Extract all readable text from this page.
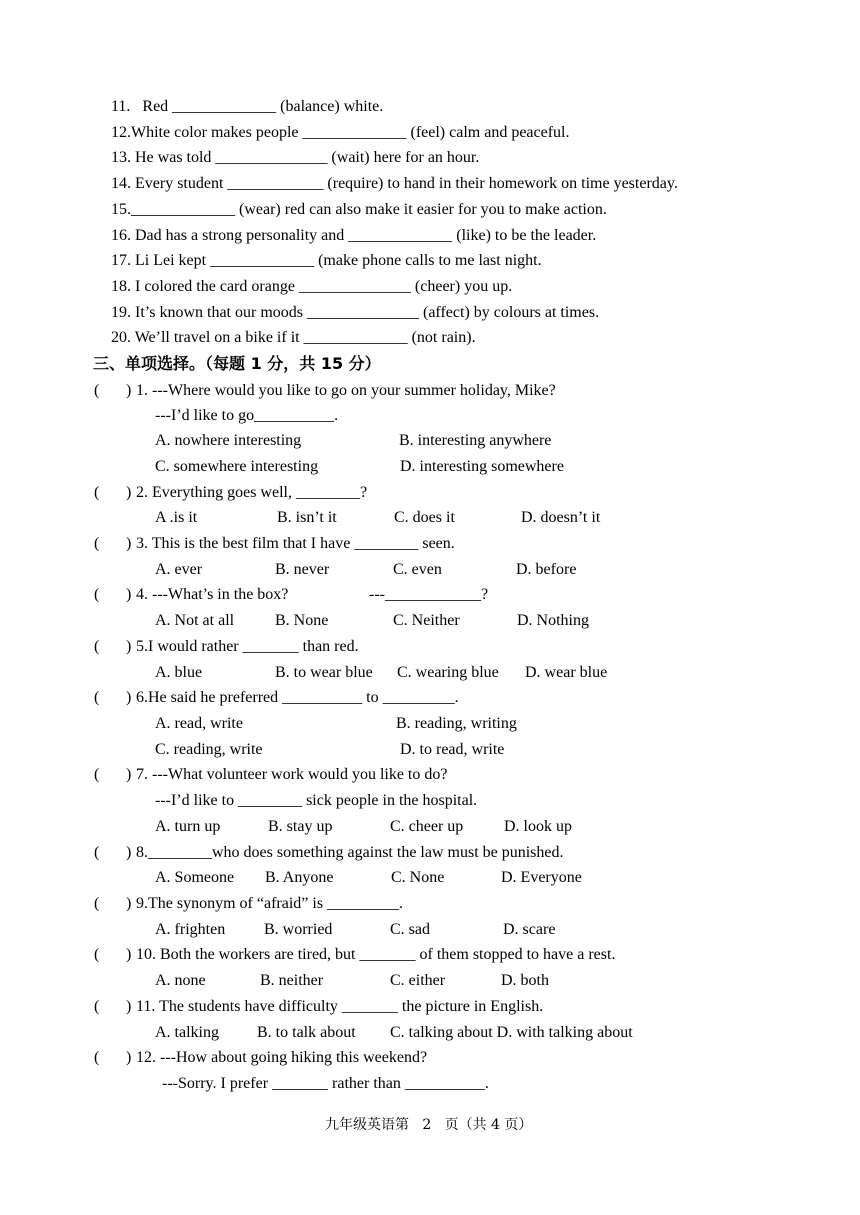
11.   Red _____________ (balance) white.
12.White color makes people _____________ (feel) calm and peaceful.
13. He was told ______________ (wait) here for an hour.
14. Every student ____________ (require) to hand in their homework on time yesterday.
15._____________ (wear) red can also make it easier for you to make action.
16. Dad has a strong personality and _____________ (like) to be the leader.
17. Li Lei kept _____________ (make phone calls to me last night.
18. I colored the card orange ______________ (cheer) you up.
19. It’s known that our moods ______________ (affect) by colours at times.
20. We’ll travel on a bike if it _____________ (not rain).
三、单项选择。（每题 1 分，共 15 分）
( ) 1. ---Where would you like to go on your summer holiday, Mike?
---I’d like to go__________.
A. nowhere interesting	B. interesting anywhere
C. somewhere interesting	D. interesting somewhere
( ) 2. Everything goes well, ________?
A .is it	B. isn’t it	C. does it	D. doesn’t it
( ) 3. This is the best film that I have ________ seen.
A. ever	B. never	C. even	D. before
( ) 4. ---What’s in the box?	---____________?
A. Not at all	B. None	C. Neither	D. Nothing
( ) 5.I would rather _______ than red.
A. blue	B. to wear blue C. wearing blue D. wear blue
( ) 6.He said he preferred __________ to _________.
A. read, write	B. reading, writing
C. reading, write	D. to read, write
( ) 7. ---What volunteer work would you like to do?
---I’d like to ________ sick people in the hospital.
A. turn up	B. stay up	C. cheer up	D. look up
( ) 8.________who does something against the law must be punished.
A. Someone B. Anyone	C. None	D. Everyone
( ) 9.The synonym of “afraid” is _________.
A. frighten B. worried	C. sad	D. scare
( ) 10. Both the workers are tired, but _______ of them stopped to have a rest.
A. none	B. neither	C. either	D. both
( ) 11. The students have difficulty _______ the picture in English.
A. talking B. to talk about C. talking about D. with talking about
( ) 12. ---How about going hiking this weekend?
---Sorry. I prefer _______ rather than __________.
九年级英语第   2   页（共 4 页）
